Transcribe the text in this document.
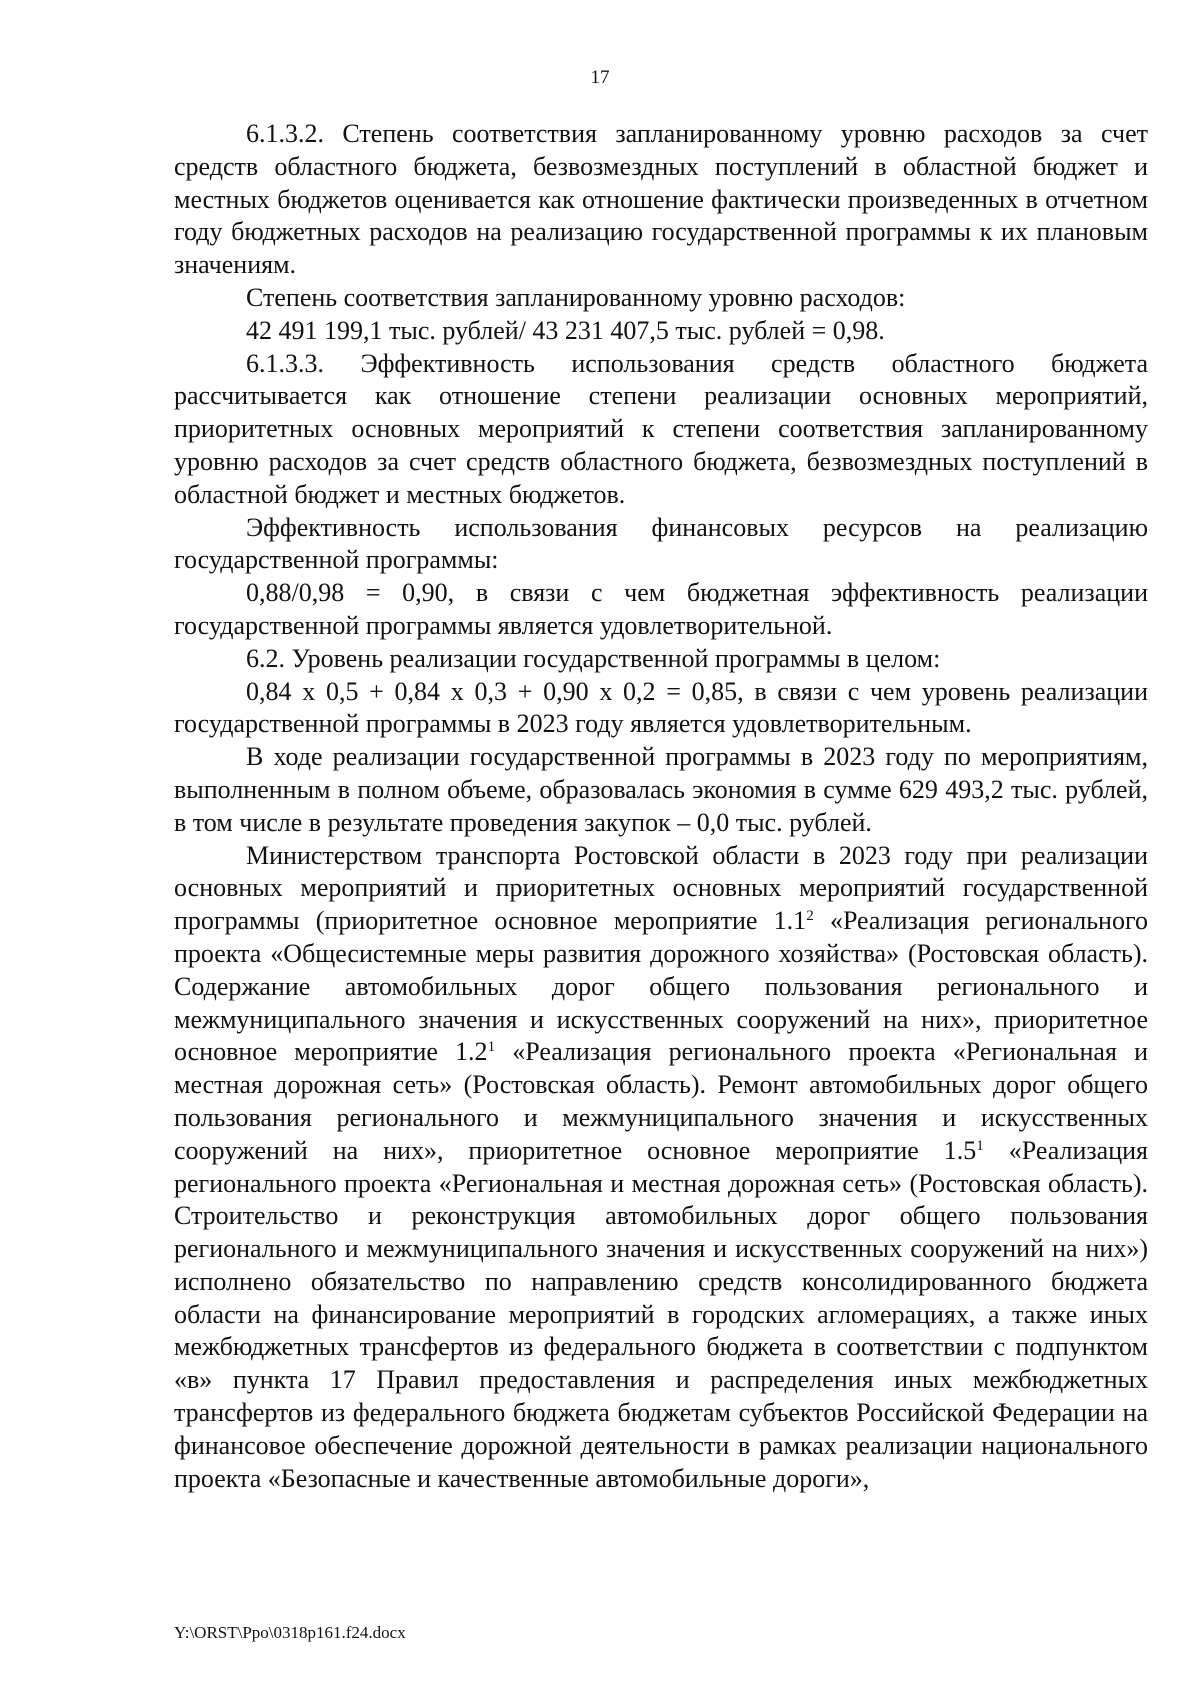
17

6.1.3.2. Степень соответствия запланированному уровню расходов за счет средств областного бюджета, безвозмездных поступлений в областной бюджет и местных бюджетов оценивается как отношение фактически произведенных в отчетном году бюджетных расходов на реализацию государственной программы к их плановым значениям.

Степень соответствия запланированному уровню расходов:

42 491 199,1 тыс. рублей/ 43 231 407,5 тыс. рублей = 0,98.

6.1.3.3. Эффективность использования средств областного бюджета рассчитывается как отношение степени реализации основных мероприятий, приоритетных основных мероприятий к степени соответствия запланированному уровню расходов за счет средств областного бюджета, безвозмездных поступлений в областной бюджет и местных бюджетов.

Эффективность использования финансовых ресурсов на реализацию государственной программы:

0,88/0,98 = 0,90, в связи с чем бюджетная эффективность реализации государственной программы является удовлетворительной.

6.2. Уровень реализации государственной программы в целом:

0,84 x 0,5 + 0,84 x 0,3 + 0,90 x 0,2 = 0,85, в связи с чем уровень реализации государственной программы в 2023 году является удовлетворительным.

В ходе реализации государственной программы в 2023 году по мероприятиям, выполненным в полном объеме, образовалась экономия в сумме 629 493,2 тыс. рублей, в том числе в результате проведения закупок – 0,0 тыс. рублей.

Министерством транспорта Ростовской области в 2023 году при реализации основных мероприятий и приоритетных основных мероприятий государственной программы (приоритетное основное мероприятие $1.1^2$ «Реализация регионального проекта «Общесистемные меры развития дорожного хозяйства» (Ростовская область). Содержание автомобильных дорог общего пользования регионального и межмуниципального значения и искусственных сооружений на них», приоритетное основное мероприятие $1.2^1$ «Реализация регионального проекта «Региональная и местная дорожная сеть» (Ростовская область). Ремонт автомобильных дорог общего пользования регионального и межмуниципального значения и искусственных сооружений на них», приоритетное основное мероприятие $1.5^1$ «Реализация регионального проекта «Региональная и местная дорожная сеть» (Ростовская область). Строительство и реконструкция автомобильных дорог общего пользования регионального и межмуниципального значения и искусственных сооружений на них») исполнено обязательство по направлению средств консолидированного бюджета области на финансирование мероприятий в городских агломерациях, а также иных межбюджетных трансфертов из федерального бюджета в соответствии с подпунктом «в» пункта 17 Правил предоставления и распределения иных межбюджетных трансфертов из федерального бюджета бюджетам субъектов Российской Федерации на финансовое обеспечение дорожной деятельности в рамках реализации национального проекта «Безопасные и качественные автомобильные дороги»,

Y:\ORST\Ppo\0318p161.f24.docx
